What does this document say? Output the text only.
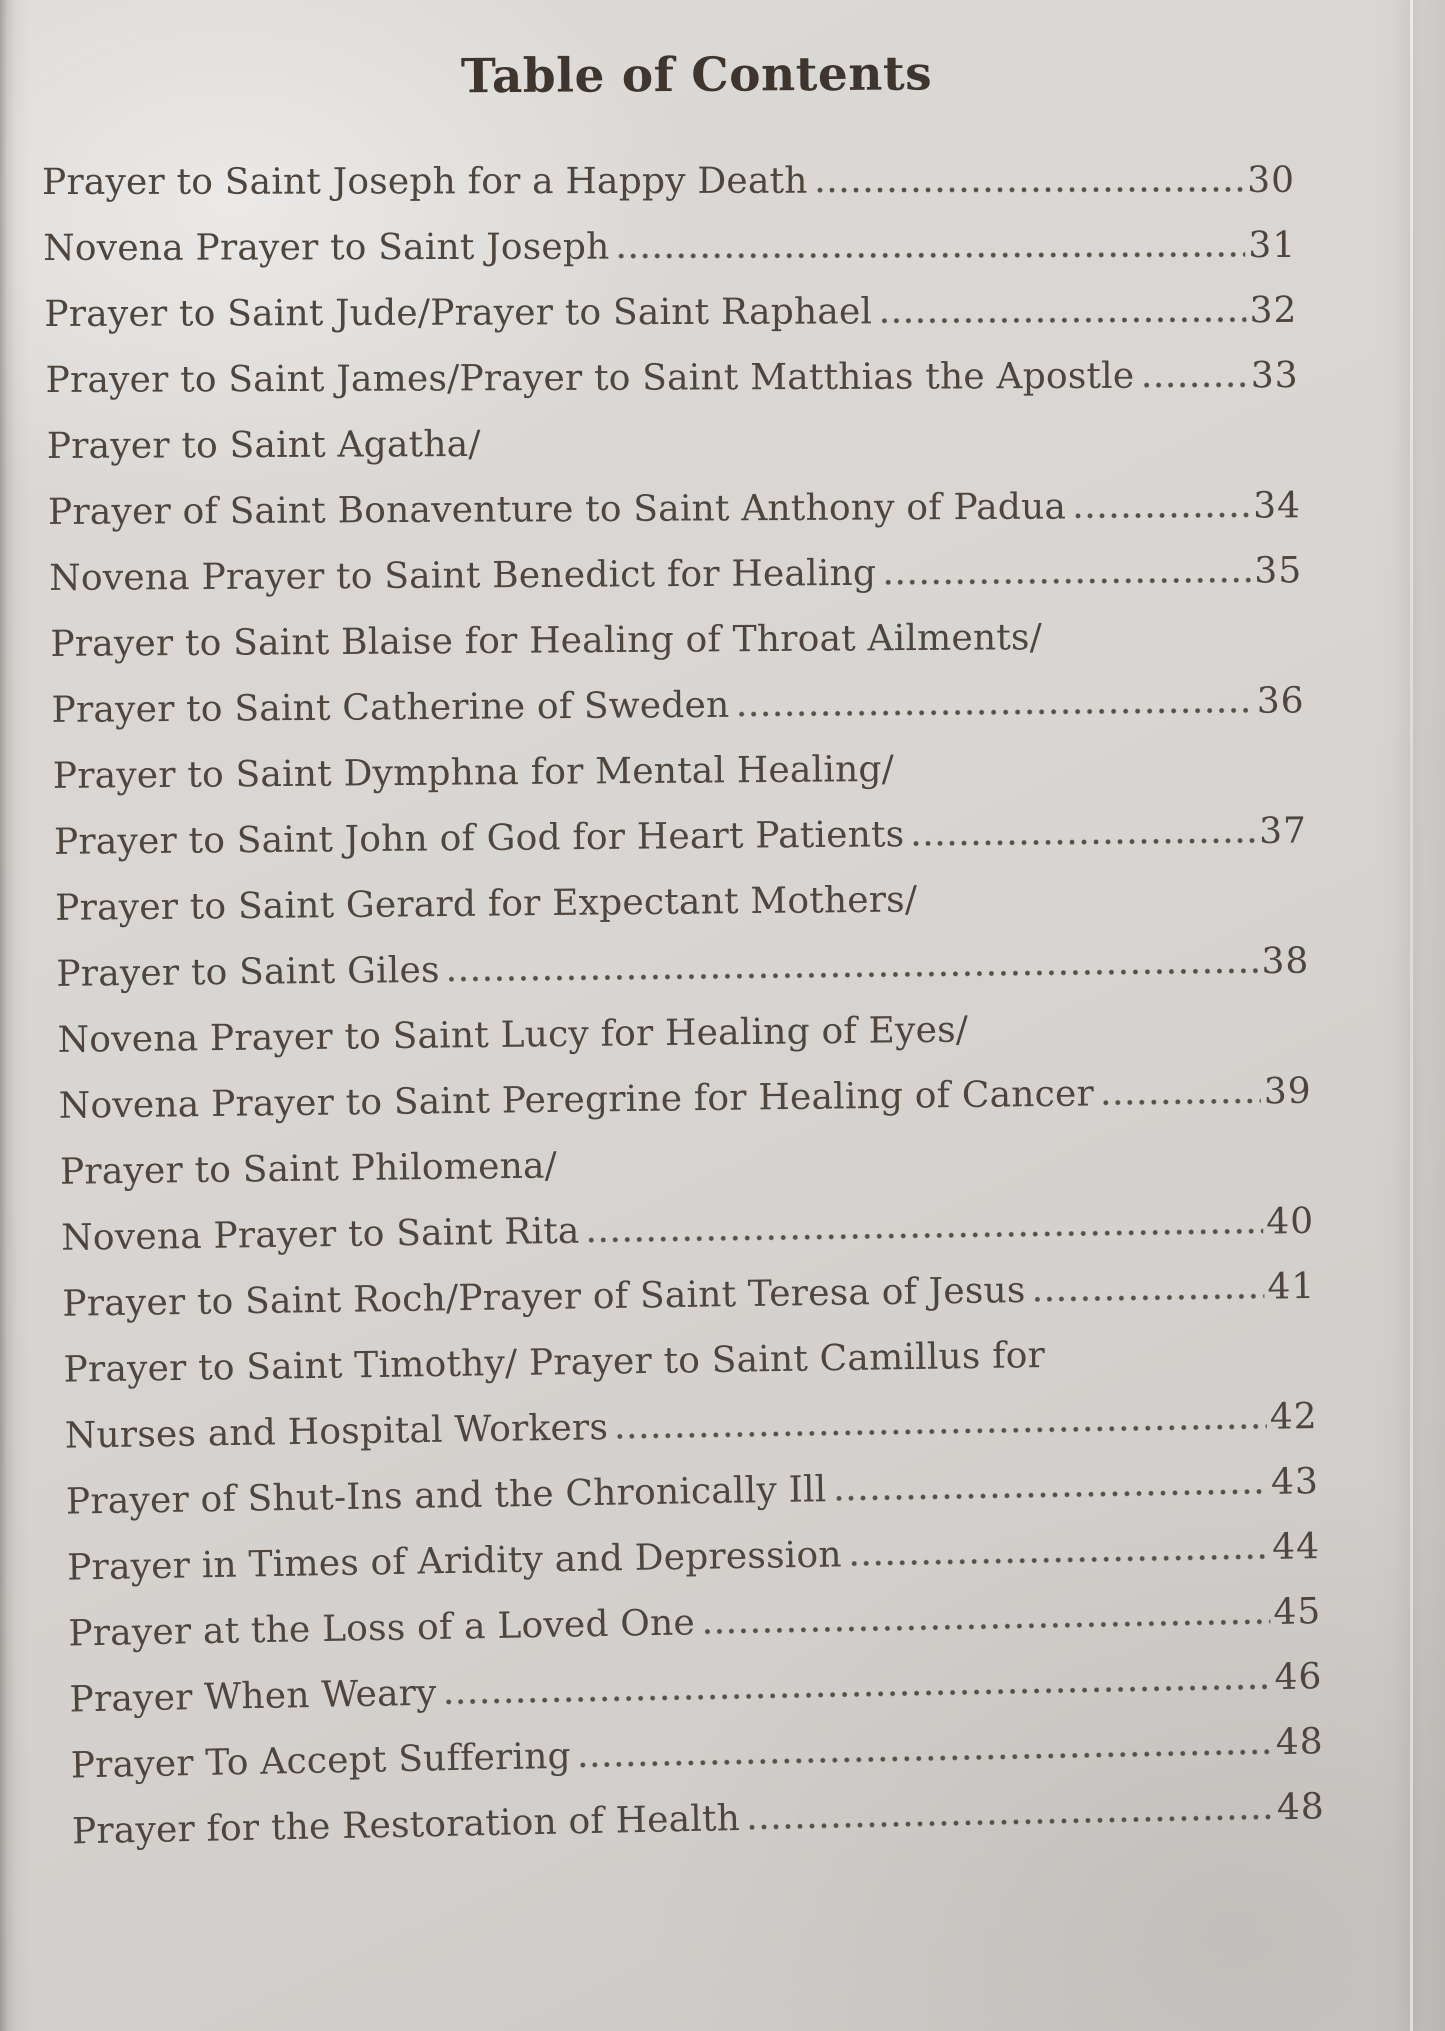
Table of Contents
Prayer to Saint Joseph for a Happy Death	30
Novena Prayer to Saint Joseph	31
Prayer to Saint Jude/Prayer to Saint Raphael	32
Prayer to Saint James/Prayer to Saint Matthias the Apostle	33
Prayer to Saint Agatha/
Prayer of Saint Bonaventure to Saint Anthony of Padua	34
Novena Prayer to Saint Benedict for Healing	35
Prayer to Saint Blaise for Healing of Throat Ailments/
Prayer to Saint Catherine of Sweden	36
Prayer to Saint Dymphna for Mental Healing/
Prayer to Saint John of God for Heart Patients	37
Prayer to Saint Gerard for Expectant Mothers/
Prayer to Saint Giles	38
Novena Prayer to Saint Lucy for Healing of Eyes/
Novena Prayer to Saint Peregrine for Healing of Cancer	39
Prayer to Saint Philomena/
Novena Prayer to Saint Rita	40
Prayer to Saint Roch/Prayer of Saint Teresa of Jesus	41
Prayer to Saint Timothy/ Prayer to Saint Camillus for
Nurses and Hospital Workers	42
Prayer of Shut-Ins and the Chronically Ill	43
Prayer in Times of Aridity and Depression	44
Prayer at the Loss of a Loved One	45
Prayer When Weary	46
Prayer To Accept Suffering	48
Prayer for the Restoration of Health	48
